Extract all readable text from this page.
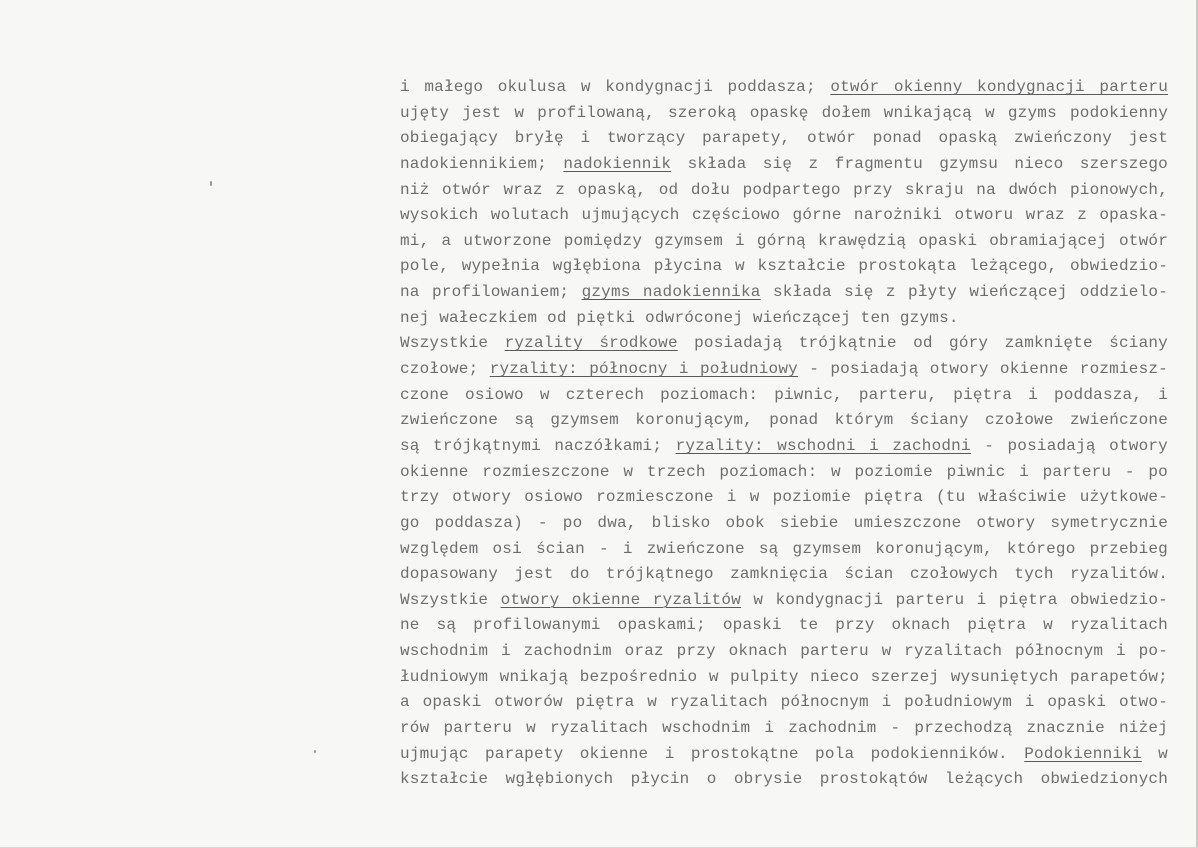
i małego okulusa w kondygnacji poddasza; otwór okienny kondygnacji parteru
ujęty jest w profilowaną, szeroką opaskę dołem wnikającą w gzyms podokienny
obiegający bryłę i tworzący parapety, otwór ponad opaską zwieńczony jest
nadokiennikiem; nadokiennik składa się z fragmentu gzymsu nieco szerszego
niż otwór wraz z opaską, od dołu podpartego przy skraju na dwóch pionowych,
wysokich wolutach ujmujących częściowo górne narożniki otworu wraz z opaska-
mi, a utworzone pomiędzy gzymsem i górną krawędzią opaski obramiającej otwór
pole, wypełnia wgłębiona płycina w kształcie prostokąta leżącego, obwiedzio-
na profilowaniem; gzyms nadokiennika składa się z płyty wieńczącej oddzielo-
nej wałeczkiem od piętki odwróconej wieńczącej ten gzyms.
Wszystkie ryzality środkowe posiadają trójkątnie od góry zamknięte ściany
czołowe; ryzality: północny i południowy - posiadają otwory okienne rozmiesz-
czone osiowo w czterech poziomach: piwnic, parteru, piętra i poddasza, i
zwieńczone są gzymsem koronującym, ponad którym ściany czołowe zwieńczone
są trójkątnymi naczółkami; ryzality: wschodni i zachodni - posiadają otwory
okienne rozmieszczone w trzech poziomach: w poziomie piwnic i parteru - po
trzy otwory osiowo rozmiesczone i w poziomie piętra (tu właściwie użytkowe-
go poddasza) - po dwa, blisko obok siebie umieszczone otwory symetrycznie
względem osi ścian - i zwieńczone są gzymsem koronującym, którego przebieg
dopasowany jest do trójkątnego zamknięcia ścian czołowych tych ryzalitów.
Wszystkie otwory okienne ryzalitów w kondygnacji parteru i piętra obwiedzio-
ne są profilowanymi opaskami; opaski te przy oknach piętra w ryzalitach
wschodnim i zachodnim oraz przy oknach parteru w ryzalitach północnym i po-
łudniowym wnikają bezpośrednio w pulpity nieco szerzej wysuniętych parapetów;
a opaski otworów piętra w ryzalitach północnym i południowym i opaski otwo-
rów parteru w ryzalitach wschodnim i zachodnim - przechodzą znacznie niżej
ujmując parapety okienne i prostokątne pola podokienników. Podokienniki w
kształcie wgłębionych płycin o obrysie prostokątów leżących obwiedzionych
